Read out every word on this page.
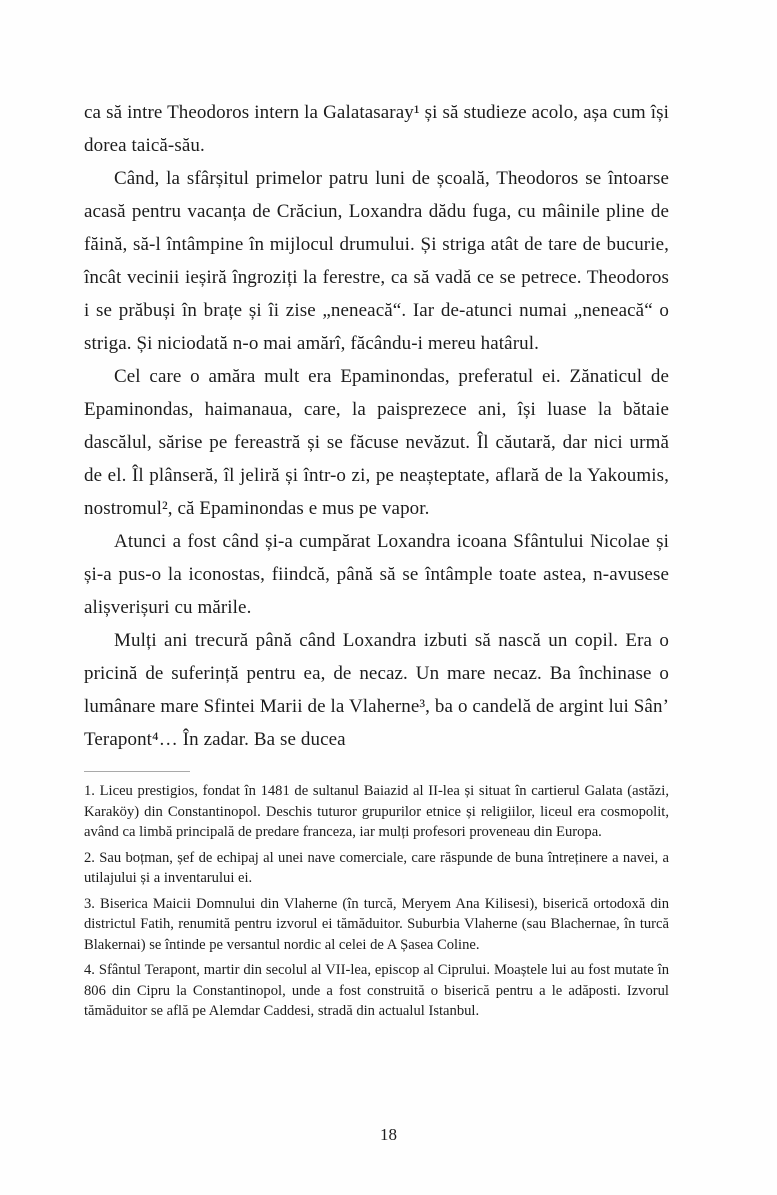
ca să intre Theodoros intern la Galatasaray¹ și să studieze acolo, așa cum își dorea taică-său.

Când, la sfârșitul primelor patru luni de școală, Theodoros se întoarse acasă pentru vacanța de Crăciun, Loxandra dădu fuga, cu mâinile pline de făină, să-l întâmpine în mijlocul drumului. Și striga atât de tare de bucurie, încât vecinii ieșiră îngroziți la ferestre, ca să vadă ce se petrece. Theodoros i se prăbuși în brațe și îi zise „neneacă“. Iar de-atunci numai „neneacă“ o striga. Și niciodată n-o mai amărî, făcându-i mereu hatârul.

Cel care o amăra mult era Epaminondas, preferatul ei. Zănaticul de Epaminondas, haimanaua, care, la paisprezece ani, își luase la bătaie dascălul, sărise pe fereastră și se făcuse nevăzut. Îl căutară, dar nici urmă de el. Îl plânseră, îl jeliră și într-o zi, pe neașteptate, aflară de la Yakoumis, nostromul², că Epaminondas e mus pe vapor.

Atunci a fost când și-a cumpărat Loxandra icoana Sfântului Nicolae și și-a pus-o la iconostas, fiindcă, până să se întâmple toate astea, n-avusese alișverișuri cu mările.

Mulți ani trecură până când Loxandra izbuti să nască un copil. Era o pricină de suferință pentru ea, de necaz. Un mare necaz. Ba închinase o lumânare mare Sfintei Marii de la Vlaherne³, ba o candelă de argint lui Sân’ Terapont⁴… În zadar. Ba se ducea

1. Liceu prestigios, fondat în 1481 de sultanul Baiazid al II-lea și situat în cartierul Galata (astăzi, Karaköy) din Constantinopol. Deschis tuturor grupurilor etnice și religiilor, liceul era cosmopolit, având ca limbă principală de predare franceza, iar mulți profesori proveneau din Europa.

2. Sau boțman, șef de echipaj al unei nave comerciale, care răspunde de buna întreținere a navei, a utilajului și a inventarului ei.

3. Biserica Maicii Domnului din Vlaherne (în turcă, Meryem Ana Kilisesi), biserică ortodoxă din districtul Fatih, renumită pentru izvorul ei tămăduitor. Suburbia Vlaherne (sau Blachernae, în turcă Blakernai) se întinde pe versantul nordic al celei de A Șasea Coline.

4. Sfântul Terapont, martir din secolul al VII-lea, episcop al Ciprului. Moaștele lui au fost mutate în 806 din Cipru la Constantinopol, unde a fost construită o biserică pentru a le adăposti. Izvorul tămăduitor se află pe Alemdar Caddesi, stradă din actualul Istanbul.

18
